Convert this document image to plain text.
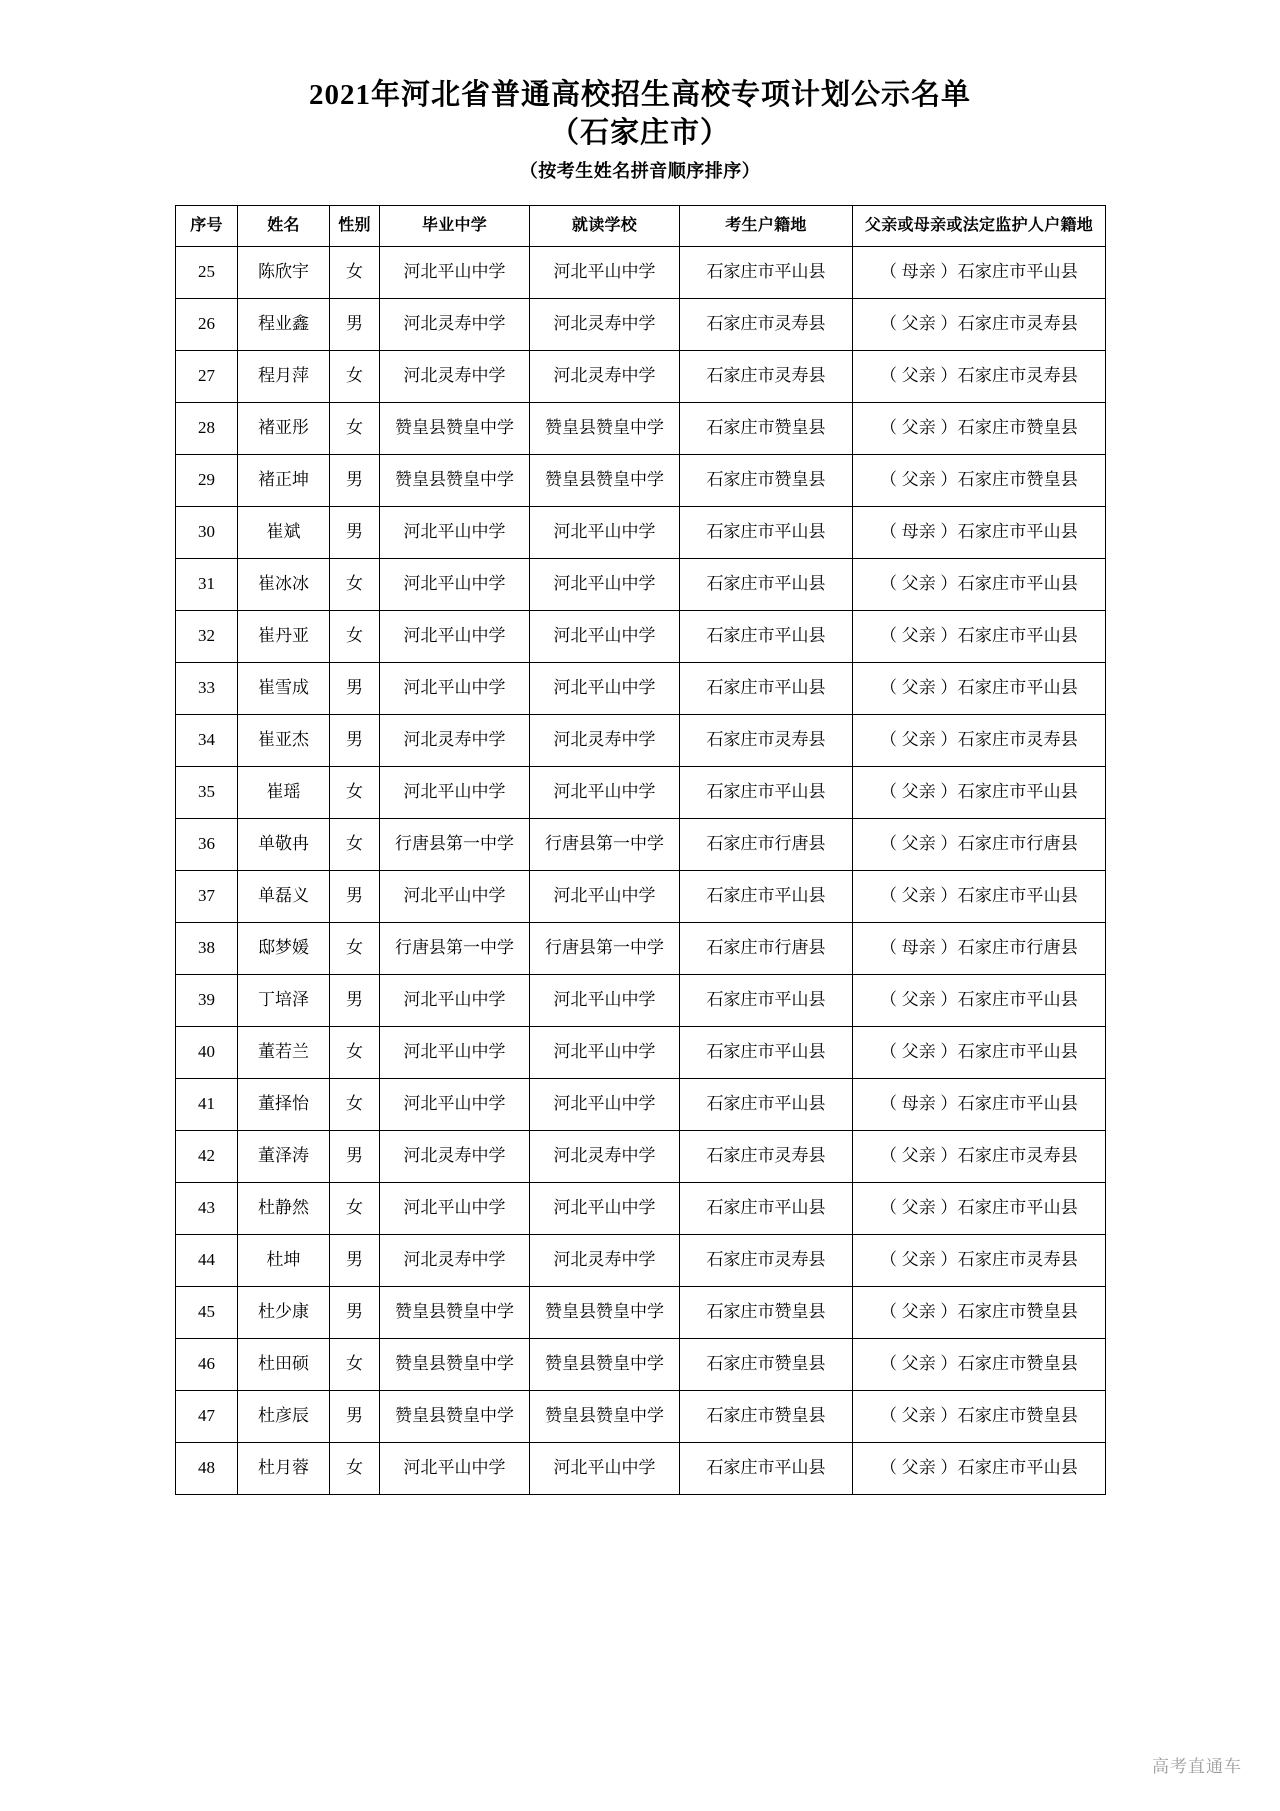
2021年河北省普通高校招生高校专项计划公示名单
（石家庄市）
（按考生姓名拼音顺序排序）
序号	姓名	性别	毕业中学	就读学校	考生户籍地	父亲或母亲或法定监护人户籍地
25	陈欣宇	女	河北平山中学	河北平山中学	石家庄市平山县	（ 母亲 ）石家庄市平山县
26	程业鑫	男	河北灵寿中学	河北灵寿中学	石家庄市灵寿县	（ 父亲 ）石家庄市灵寿县
27	程月萍	女	河北灵寿中学	河北灵寿中学	石家庄市灵寿县	（ 父亲 ）石家庄市灵寿县
28	褚亚彤	女	赞皇县赞皇中学	赞皇县赞皇中学	石家庄市赞皇县	（ 父亲 ）石家庄市赞皇县
29	褚正坤	男	赞皇县赞皇中学	赞皇县赞皇中学	石家庄市赞皇县	（ 父亲 ）石家庄市赞皇县
30	崔斌	男	河北平山中学	河北平山中学	石家庄市平山县	（ 母亲 ）石家庄市平山县
31	崔冰冰	女	河北平山中学	河北平山中学	石家庄市平山县	（ 父亲 ）石家庄市平山县
32	崔丹亚	女	河北平山中学	河北平山中学	石家庄市平山县	（ 父亲 ）石家庄市平山县
33	崔雪成	男	河北平山中学	河北平山中学	石家庄市平山县	（ 父亲 ）石家庄市平山县
34	崔亚杰	男	河北灵寿中学	河北灵寿中学	石家庄市灵寿县	（ 父亲 ）石家庄市灵寿县
35	崔瑶	女	河北平山中学	河北平山中学	石家庄市平山县	（ 父亲 ）石家庄市平山县
36	单敬冉	女	行唐县第一中学	行唐县第一中学	石家庄市行唐县	（ 父亲 ）石家庄市行唐县
37	单磊义	男	河北平山中学	河北平山中学	石家庄市平山县	（ 父亲 ）石家庄市平山县
38	邸梦媛	女	行唐县第一中学	行唐县第一中学	石家庄市行唐县	（ 母亲 ）石家庄市行唐县
39	丁培泽	男	河北平山中学	河北平山中学	石家庄市平山县	（ 父亲 ）石家庄市平山县
40	董若兰	女	河北平山中学	河北平山中学	石家庄市平山县	（ 父亲 ）石家庄市平山县
41	董择怡	女	河北平山中学	河北平山中学	石家庄市平山县	（ 母亲 ）石家庄市平山县
42	董泽涛	男	河北灵寿中学	河北灵寿中学	石家庄市灵寿县	（ 父亲 ）石家庄市灵寿县
43	杜静然	女	河北平山中学	河北平山中学	石家庄市平山县	（ 父亲 ）石家庄市平山县
44	杜坤	男	河北灵寿中学	河北灵寿中学	石家庄市灵寿县	（ 父亲 ）石家庄市灵寿县
45	杜少康	男	赞皇县赞皇中学	赞皇县赞皇中学	石家庄市赞皇县	（ 父亲 ）石家庄市赞皇县
46	杜田硕	女	赞皇县赞皇中学	赞皇县赞皇中学	石家庄市赞皇县	（ 父亲 ）石家庄市赞皇县
47	杜彦辰	男	赞皇县赞皇中学	赞皇县赞皇中学	石家庄市赞皇县	（ 父亲 ）石家庄市赞皇县
48	杜月蓉	女	河北平山中学	河北平山中学	石家庄市平山县	（ 父亲 ）石家庄市平山县
高考直通车
